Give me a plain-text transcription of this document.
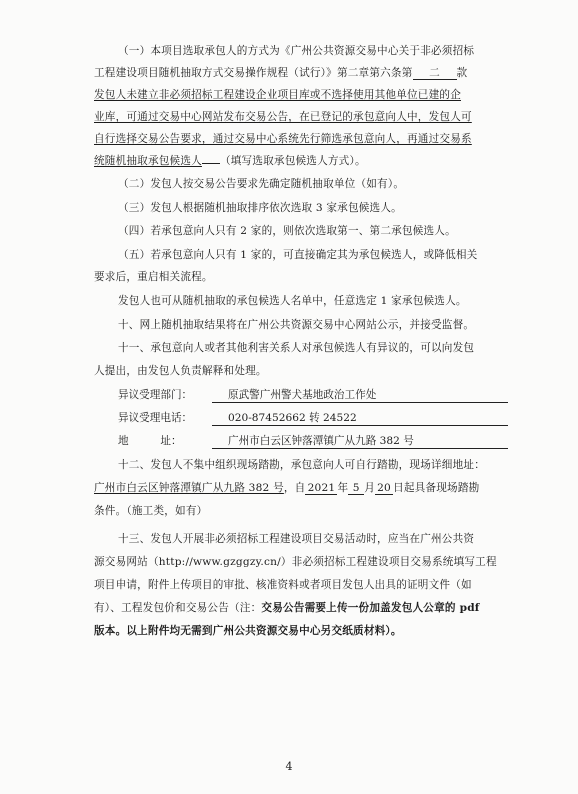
（一）本项目选取承包人的方式为《广州公共资源交易中心关于非必须招标
工程建设项目随机抽取方式交易操作规程（试行）》第二章第六条第 二 款
发包人未建立非必须招标工程建设企业项目库或不选择使用其他单位已建的企
业库，可通过交易中心网站发布交易公告，在已登记的承包意向人中，发包人可
自行选择交易公告要求，通过交易中心系统先行筛选承包意向人，再通过交易系
统随机抽取承包候选人 （填写选取承包候选人方式）。
（二）发包人按交易公告要求先确定随机抽取单位（如有）。
（三）发包人根据随机抽取排序依次选取 3 家承包候选人。
（四）若承包意向人只有 2 家的，则依次选取第一、第二承包候选人。
（五）若承包意向人只有 1 家的，可直接确定其为承包候选人，或降低相关
要求后，重启相关流程。
发包人也可从随机抽取的承包候选人名单中，任意选定 1 家承包候选人。
十、网上随机抽取结果将在广州公共资源交易中心网站公示，并接受监督。
十一、承包意向人或者其他利害关系人对承包候选人有异议的，可以向发包
人提出，由发包人负责解释和处理。
异议受理部门：	原武警广州警犬基地政治工作处
异议受理电话：	020-87452662 转 24522
地　　　址：	广州市白云区钟落潭镇广从九路 382 号
十二、发包人不集中组织现场踏勘，承包意向人可自行踏勘，现场详细地址：
广州市白云区钟落潭镇广从九路 382 号，自 2021 年 5 月 20 日起具备现场踏勘
条件。（施工类，如有）
十三、发包人开展非必须招标工程建设项目交易活动时，应当在广州公共资
源交易网站（http://www.gzggzy.cn/）非必须招标工程建设项目交易系统填写工程
项目申请，附件上传项目的审批、核准资料或者项目发包人出具的证明文件（如
有）、工程发包价和交易公告（注：交易公告需要上传一份加盖发包人公章的 pdf
版本。以上附件均无需到广州公共资源交易中心另交纸质材料）。
4
